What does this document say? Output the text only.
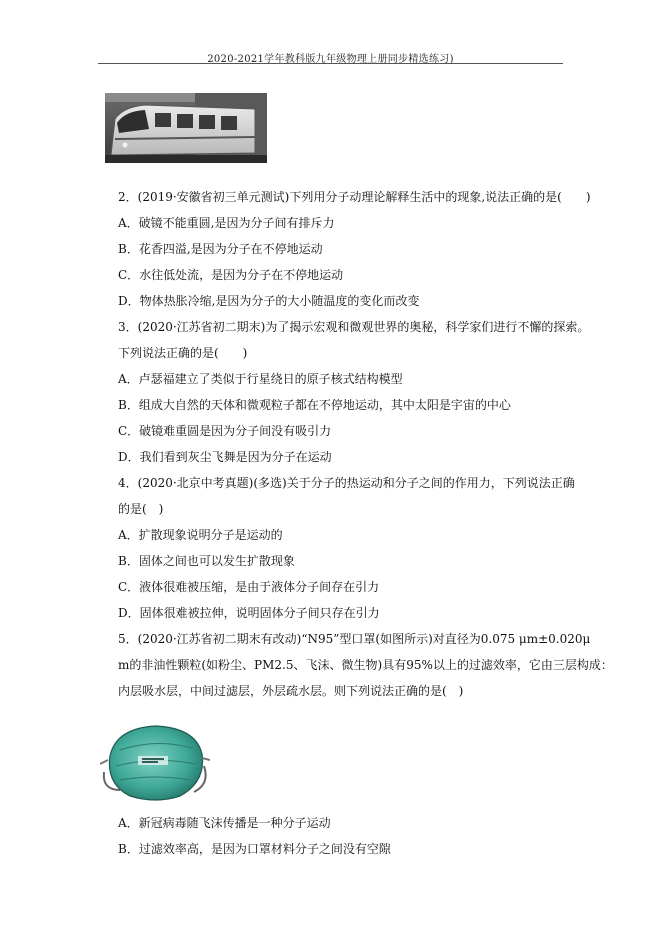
2020-2021学年教科版九年级物理上册同步精选练习)
2．(2019·安徽省初三单元测试)下列用分子动理论解释生活中的现象,说法正确的是(　　)
A．破镜不能重圆,是因为分子间有排斥力
B．花香四溢,是因为分子在不停地运动
C．水往低处流，是因为分子在不停地运动
D．物体热胀冷缩,是因为分子的大小随温度的变化而改变
3．(2020·江苏省初二期末)为了揭示宏观和微观世界的奥秘，科学家们进行不懈的探索。
下列说法正确的是(　　)
A．卢瑟福建立了类似于行星绕日的原子核式结构模型
B．组成大自然的天体和微观粒子都在不停地运动，其中太阳是宇宙的中心
C．破镜难重圆是因为分子间没有吸引力
D．我们看到灰尘飞舞是因为分子在运动
4．(2020·北京中考真题)(多选)关于分子的热运动和分子之间的作用力，下列说法正确
的是(　)
A．扩散现象说明分子是运动的
B．固体之间也可以发生扩散现象
C．液体很难被压缩，是由于液体分子间存在引力
D．固体很难被拉伸，说明固体分子间只存在引力
5．(2020·江苏省初二期末有改动)“N95”型口罩(如图所示)对直径为0.075 μm±0.020μ
m的非油性颗粒(如粉尘、PM2.5、飞沫、微生物)具有95%以上的过滤效率，它由三层构成：
内层吸水层，中间过滤层，外层疏水层。则下列说法正确的是(　)
A．新冠病毒随飞沫传播是一种分子运动
B．过滤效率高，是因为口罩材料分子之间没有空隙
